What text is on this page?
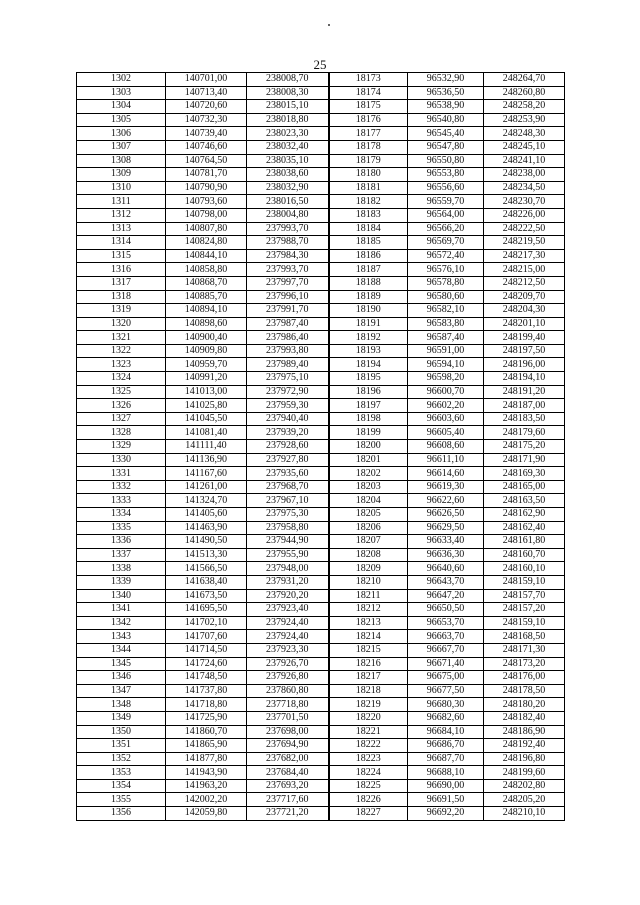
25
1302	140701,00	238008,70	18173	96532,90	248264,70
1303	140713,40	238008,30	18174	96536,50	248260,80
1304	140720,60	238015,10	18175	96538,90	248258,20
1305	140732,30	238018,80	18176	96540,80	248253,90
1306	140739,40	238023,30	18177	96545,40	248248,30
1307	140746,60	238032,40	18178	96547,80	248245,10
1308	140764,50	238035,10	18179	96550,80	248241,10
1309	140781,70	238038,60	18180	96553,80	248238,00
1310	140790,90	238032,90	18181	96556,60	248234,50
1311	140793,60	238016,50	18182	96559,70	248230,70
1312	140798,00	238004,80	18183	96564,00	248226,00
1313	140807,80	237993,70	18184	96566,20	248222,50
1314	140824,80	237988,70	18185	96569,70	248219,50
1315	140844,10	237984,30	18186	96572,40	248217,30
1316	140858,80	237993,70	18187	96576,10	248215,00
1317	140868,70	237997,70	18188	96578,80	248212,50
1318	140885,70	237996,10	18189	96580,60	248209,70
1319	140894,10	237991,70	18190	96582,10	248204,30
1320	140898,60	237987,40	18191	96583,80	248201,10
1321	140900,40	237986,40	18192	96587,40	248199,40
1322	140909,80	237993,80	18193	96591,00	248197,50
1323	140959,70	237989,40	18194	96594,10	248196,00
1324	140991,20	237975,10	18195	96598,20	248194,10
1325	141013,00	237972,90	18196	96600,70	248191,20
1326	141025,80	237959,30	18197	96602,20	248187,00
1327	141045,50	237940,40	18198	96603,60	248183,50
1328	141081,40	237939,20	18199	96605,40	248179,60
1329	141111,40	237928,60	18200	96608,60	248175,20
1330	141136,90	237927,80	18201	96611,10	248171,90
1331	141167,60	237935,60	18202	96614,60	248169,30
1332	141261,00	237968,70	18203	96619,30	248165,00
1333	141324,70	237967,10	18204	96622,60	248163,50
1334	141405,60	237975,30	18205	96626,50	248162,90
1335	141463,90	237958,80	18206	96629,50	248162,40
1336	141490,50	237944,90	18207	96633,40	248161,80
1337	141513,30	237955,90	18208	96636,30	248160,70
1338	141566,50	237948,00	18209	96640,60	248160,10
1339	141638,40	237931,20	18210	96643,70	248159,10
1340	141673,50	237920,20	18211	96647,20	248157,70
1341	141695,50	237923,40	18212	96650,50	248157,20
1342	141702,10	237924,40	18213	96653,70	248159,10
1343	141707,60	237924,40	18214	96663,70	248168,50
1344	141714,50	237923,30	18215	96667,70	248171,30
1345	141724,60	237926,70	18216	96671,40	248173,20
1346	141748,50	237926,80	18217	96675,00	248176,00
1347	141737,80	237860,80	18218	96677,50	248178,50
1348	141718,80	237718,80	18219	96680,30	248180,20
1349	141725,90	237701,50	18220	96682,60	248182,40
1350	141860,70	237698,00	18221	96684,10	248186,90
1351	141865,90	237694,90	18222	96686,70	248192,40
1352	141877,80	237682,00	18223	96687,70	248196,80
1353	141943,90	237684,40	18224	96688,10	248199,60
1354	141963,20	237693,20	18225	96690,00	248202,80
1355	142002,20	237717,60	18226	96691,50	248205,20
1356	142059,80	237721,20	18227	96692,20	248210,10
